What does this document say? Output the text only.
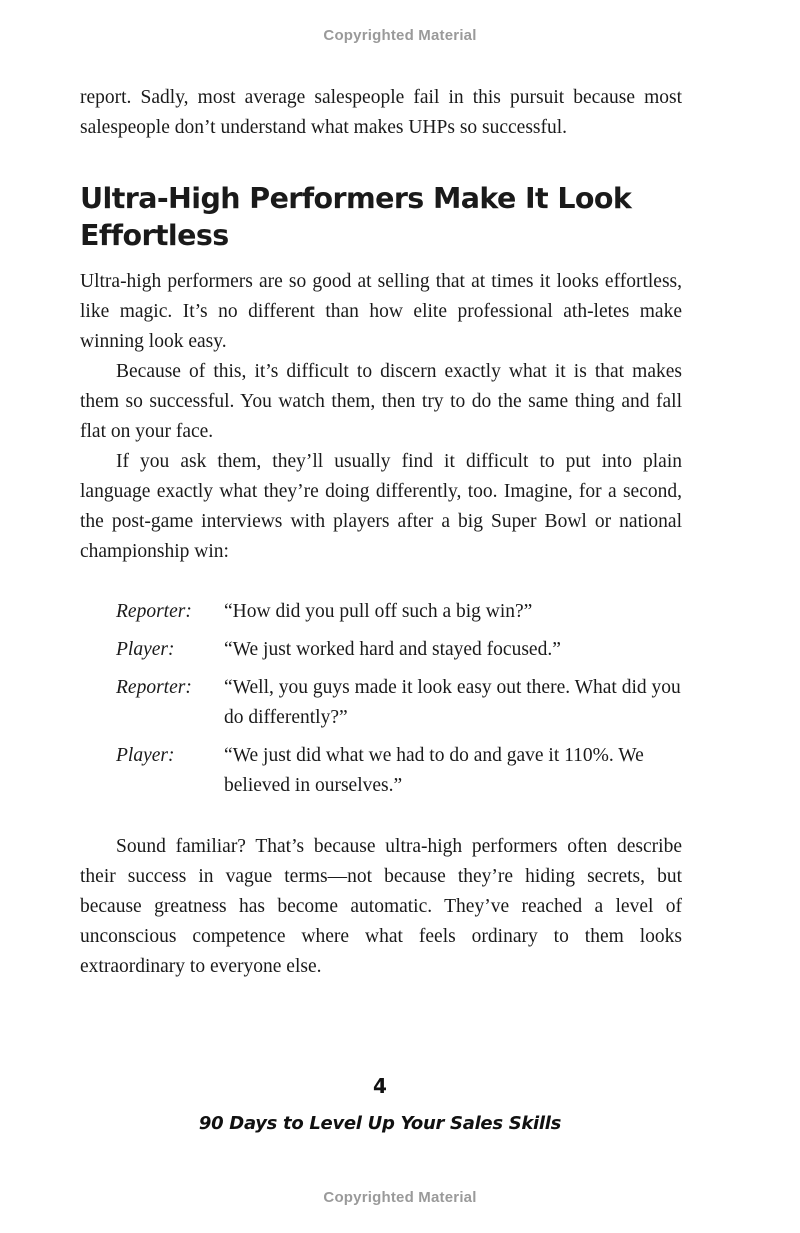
Copyrighted Material

report. Sadly, most average salespeople fail in this pursuit because most salespeople don’t understand what makes UHPs so successful.

Ultra-High Performers Make It Look
Effortless

Ultra-high performers are so good at selling that at times it looks effortless, like magic. It’s no different than how elite professional ath-letes make winning look easy.

Because of this, it’s difficult to discern exactly what it is that makes them so successful. You watch them, then try to do the same thing and fall flat on your face.

If you ask them, they’ll usually find it difficult to put into plain language exactly what they’re doing differently, too. Imagine, for a second, the post-game interviews with players after a big Super Bowl or national championship win:

Reporter:	“How did you pull off such a big win?”
Player:	“We just worked hard and stayed focused.”
Reporter:	“Well, you guys made it look easy out there. What did you do differently?”
Player:	“We just did what we had to do and gave it 110%. We believed in ourselves.”

Sound familiar? That’s because ultra-high performers often describe their success in vague terms—not because they’re hiding secrets, but because greatness has become automatic. They’ve reached a level of unconscious competence where what feels ordinary to them looks extraordinary to everyone else.

4
90 Days to Level Up Your Sales Skills
Copyrighted Material
